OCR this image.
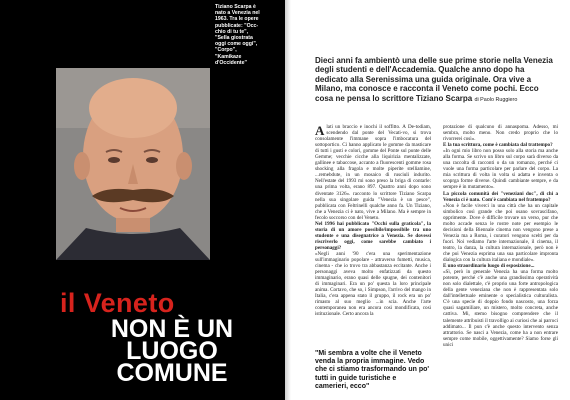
Tiziano Scarpa è
nato a Venezia nel
1963. Tra le opere
pubblicate: "Occ-
chio di tu te",
"Sella giostrata
oggi come oggi",
"Corpo",
"Kamikaze
d'Occidente"
il Veneto
NON È UN
LUOGO
COMUNE
Dieci anni fa ambientò una delle sue prime storie nella Venezia degli studenti e dell'Accademia. Qualche anno dopo ha dedicato alla Serenissima una guida originale. Ora vive a Milano, ma conosce e racconta il Veneto come pochi. Ecco cosa ne pensa lo scrittore Tiziano Scarpa di Paolo Ruggiero

Alati un braccio e inochi il soffitto. A De-todiam, scendendo dal ponte del Vecati-vo, si trova consolamente l'immane sopra l'imbocatura del sottoportico. Ci hanno applicato le gomme da masticare di tutti i gusti e colori, gomme del Ponte sul ponte delle Gemme; vecchie cicche alla liquirizia mentalizzate, gallinee e tabaccose, accanto a fluorescenti gomme rosa shocking alla fragola e molte piperite stelliamine, ...remebdute, in un mosaico di rusciuli indurito. Nell'estate del 1993 mi sono preso la briga di contarle: una prima volta, erano 897. Quattro anni dopo sono diventate 3126». racconto lo scrittore Tiziano Scarpa nella sua singolare guida "Venezia è un pesce", pubblicata con Feltrinelli qualche anno fa. Un Tiziano, che a Venezia ci è nato, vive a Milano. Ma è sempre in fecolo soccorso con del Veneto.

Nel 1996 hai pubblicato "Occhi sulla graticola", la storia di un amore possibile/impossibile tra uno studente e una disegnatrice a Venezia. Se dovessi riscriverlo oggi, come sarebbe cambiato i personaggi?

«Negli anni '90 c'era una sperimentazione sull'immaginario popolare - attraverso fumetti, musica, cinema - che io trovo tra abbastanza eccitante. Anche i personaggi aveva molto enfatizzati da questo immaginario, erano quasi delle spugne, dei contenitori di immaginari. Era un po' questa la loro principale anima. Cortavo, che so, i Simpson, l'arrivo del mango in Italia, c'era appena stato il gruppo, il rock era un po' rimasto al suo meglio ...in scia. Anche l'arte contemporanea non era ancora così mondificata, così istituzionale. Certo ancora la

"Mi sembra a volte che il Veneto venda la propria immagine. Vedo che ci stiamo trasformando un po' tutti in guide turistiche e camerieri, ecco"

protazione di qualcuno di annaspoma. Adesso, mi sembra, molto meno. Non credo proprio che lo rivorrerei così».

E la tua scrittura, come è cambiata dal trattempo?

«In ogni mio libro non posso solo alla storia ma anche alla forma. Se scrivo un libro sul corpo sarà diverso da una raccolta di racconti o da un romanzo, perché ci vuole una forma particolare per parlare del corpo. La mia scrittura di volta in volta si adatta e inventa o scoprga forme diverse. Quindi cambiante sempre, e da sempre è in mutamento».

La piccola comunità dei "veneziani doc", di chi a Venezia ci è nato. Com'è cambiata nel frattempo?

«Non è facile viverci in una città che ha un capitale simbolico così grande che poi osano sovrascifano, opprimente. Dove è difficile trovare un verso, pur che molto accade senza le rostre note per esempio le decisioni della Biennale cinema non vengono prese a Venezia ma a Roma, i curatori vengono scelti per da fuori. Noi vediamo l'arte internazionale, il cinema, il teatro, la danza, la cultura internazionale, però non è che poi Venezia esprima una sua particolare impronta dialogica con la cultura italiana e mondiale».

E uno straordinario luogo di esposizione...

«Sì, però in generale Venezia ha una forma molto potente, perché c'è anche una grandissima operatività non solo dialettale, c'è proprio una forte antropologica della gente veneziana che non è rappresentata solo dall'intellettuale eminente o specialistica culturalista. C'è una specie di doppio fondo nascosto, una forza quasi sagamiliare, un mistero, molto concreta, anche cattiva. Mi, stemo bisogno comprendere che il talemente attribuisti il travolligo ai curiosi che ai parroci addimato... Il pun c'è anche questo intervento senza attrattorio. Se nasci a Venezia, come ha a non entrare sempre come mobile, oggettivamente? Siamo forse gli unici
